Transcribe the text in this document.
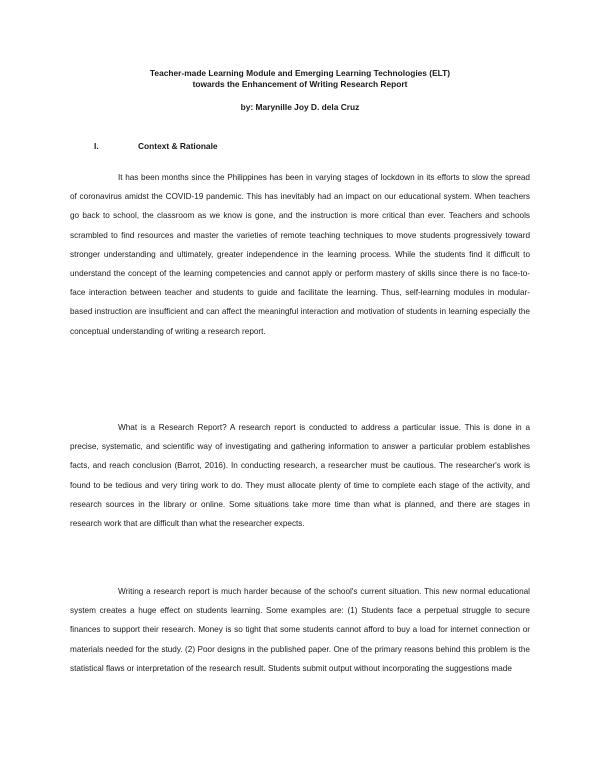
Teacher-made Learning Module and Emerging Learning Technologies (ELT)
towards the Enhancement of Writing Research Report
by: Marynille Joy D. dela Cruz
I.	Context & Rationale

It has been months since the Philippines has been in varying stages of lockdown in its efforts to slow the spread of coronavirus amidst the COVID-19 pandemic. This has inevitably had an impact on our educational system. When teachers go back to school, the classroom as we know is gone, and the instruction is more critical than ever. Teachers and schools scrambled to find resources and master the varieties of remote teaching techniques to move students progressively toward stronger understanding and ultimately, greater independence in the learning process. While the students find it difficult to understand the concept of the learning competencies and cannot apply or perform mastery of skills since there is no face-to-face interaction between teacher and students to guide and facilitate the learning. Thus, self-learning modules in modular-based instruction are insufficient and can affect the meaningful interaction and motivation of students in learning especially the conceptual understanding of writing a research report.

What is a Research Report? A research report is conducted to address a particular issue. This is done in a precise, systematic, and scientific way of investigating and gathering information to answer a particular problem establishes facts, and reach conclusion (Barrot, 2016). In conducting research, a researcher must be cautious. The researcher's work is found to be tedious and very tiring work to do. They must allocate plenty of time to complete each stage of the activity, and research sources in the library or online. Some situations take more time than what is planned, and there are stages in research work that are difficult than what the researcher expects.

Writing a research report is much harder because of the school's current situation. This new normal educational system creates a huge effect on students learning. Some examples are: (1) Students face a perpetual struggle to secure finances to support their research. Money is so tight that some students cannot afford to buy a load for internet connection or materials needed for the study. (2) Poor designs in the published paper. One of the primary reasons behind this problem is the statistical flaws or interpretation of the research result. Students submit output without incorporating the suggestions made
